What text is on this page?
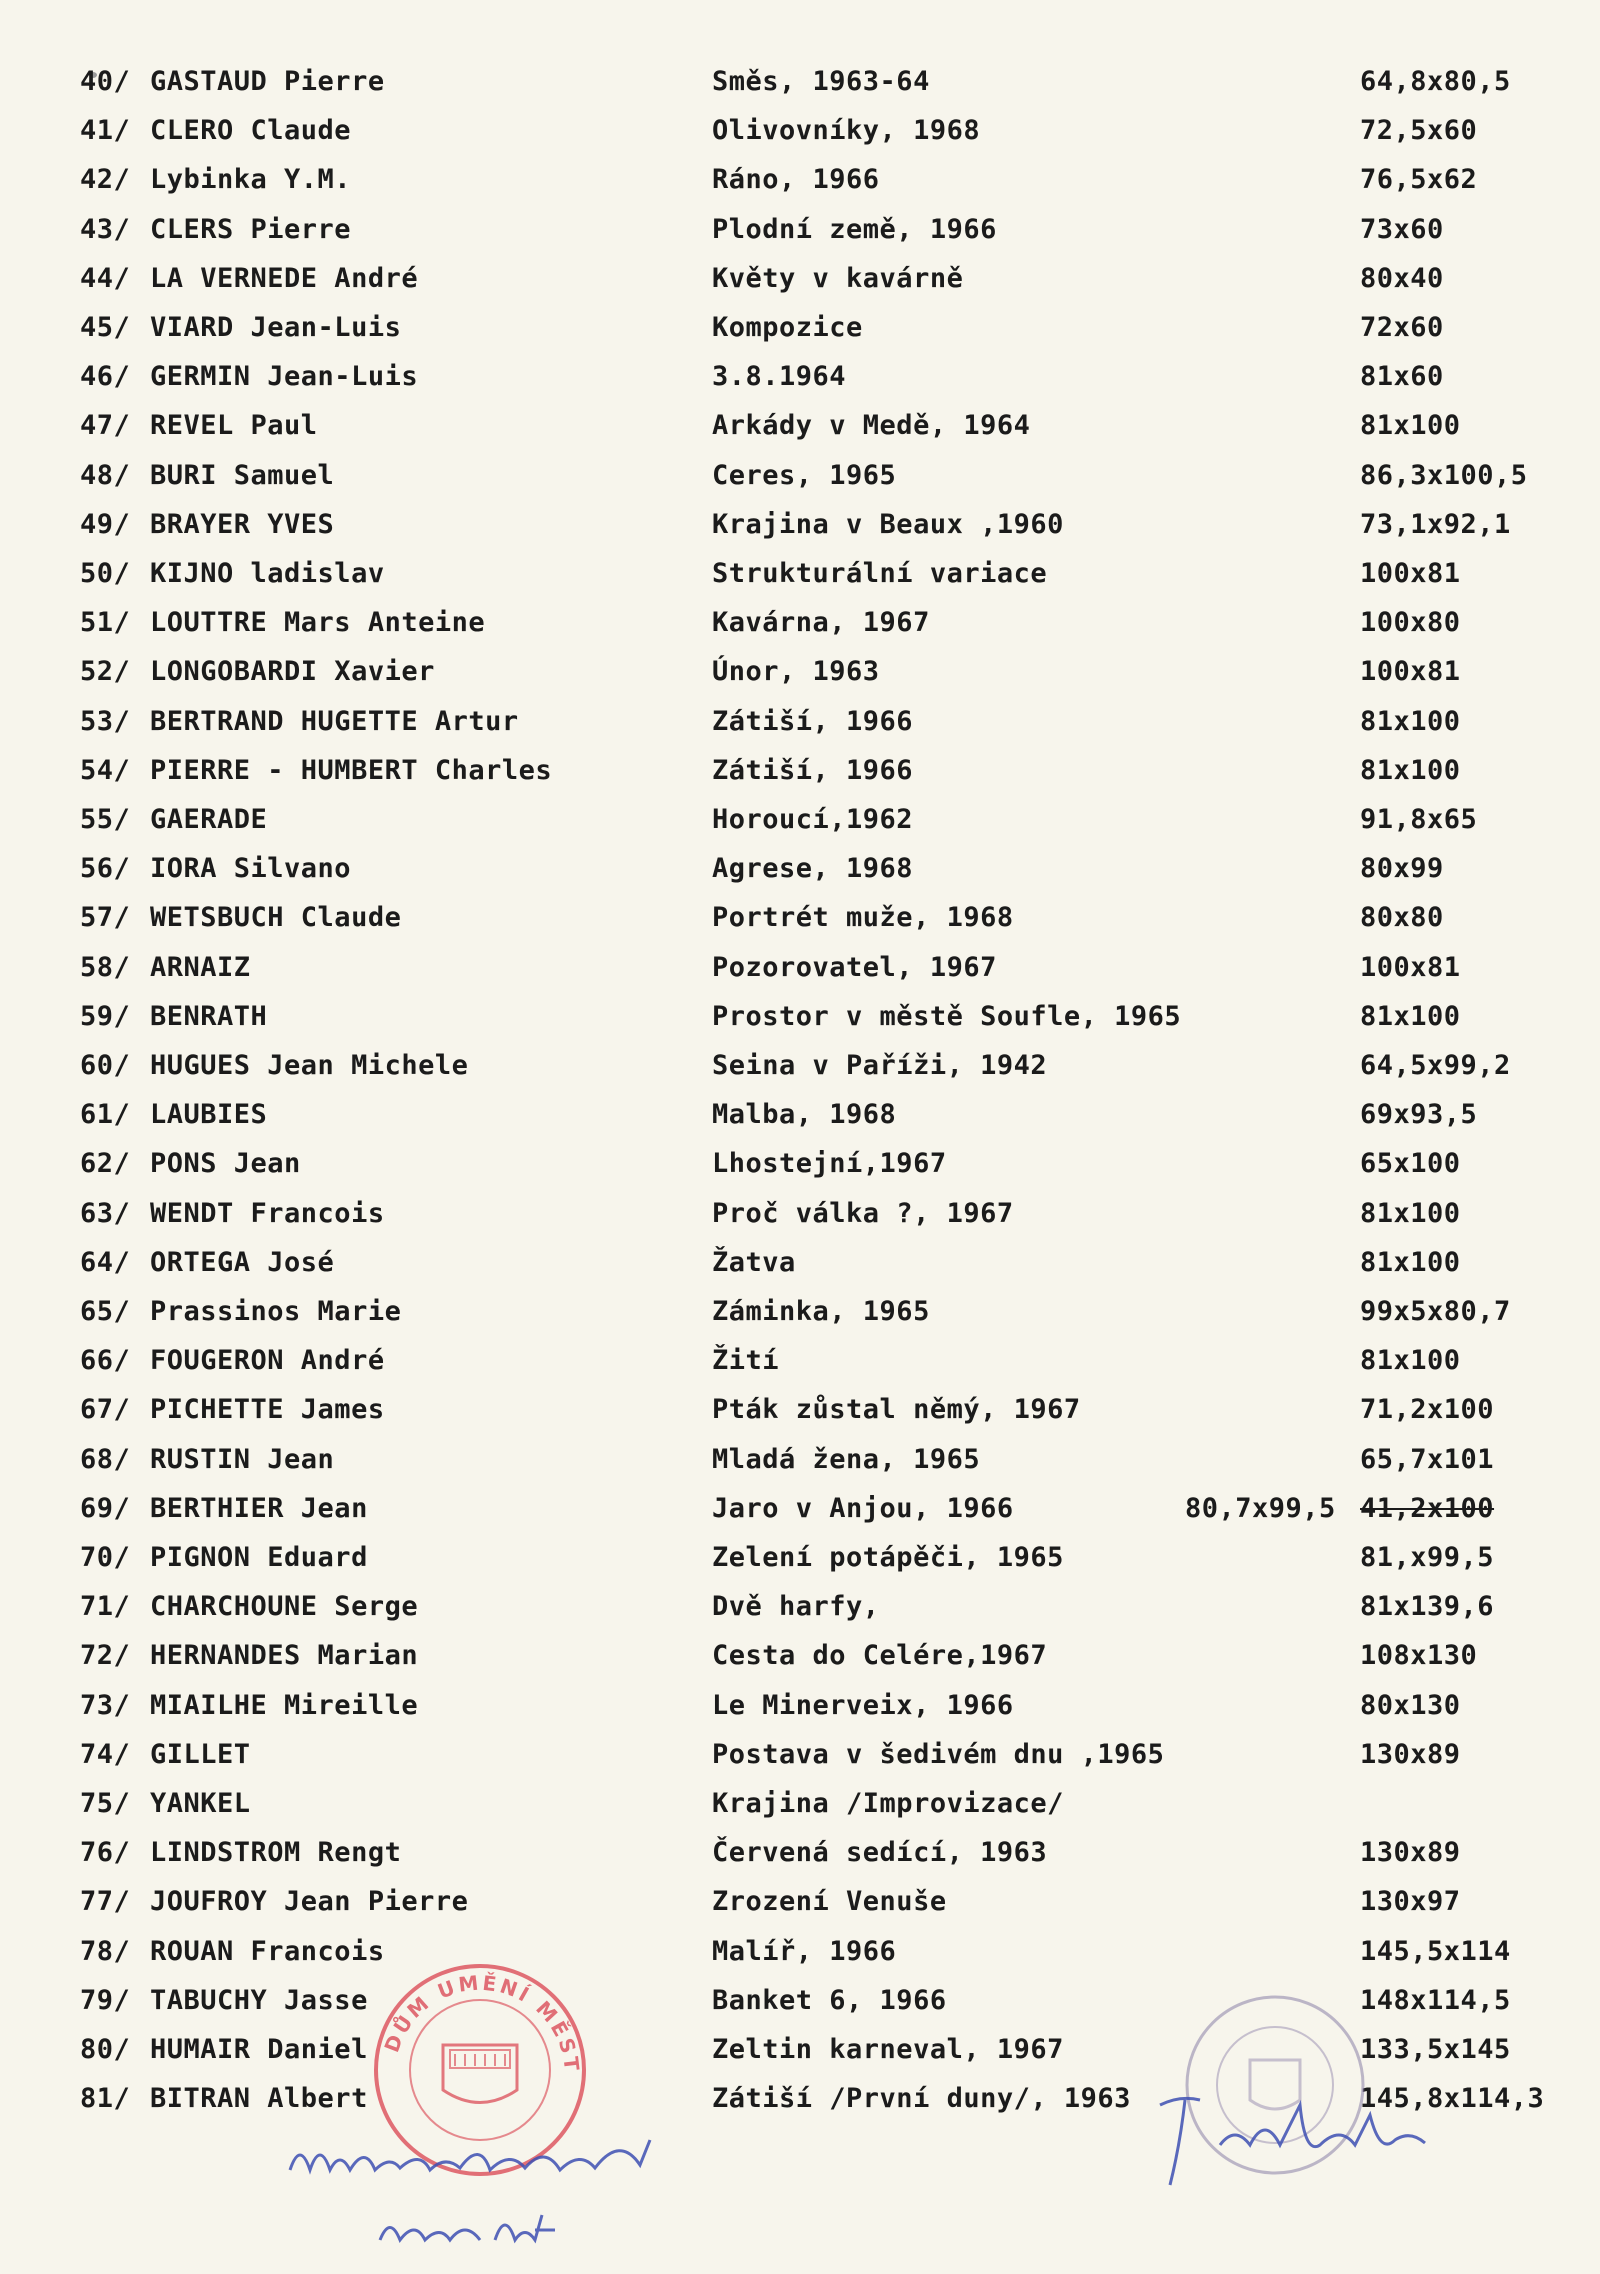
40/ GASTAUD Pierre	Směs, 1963-64	64,8x80,5
41/ CLERO Claude	Olivovníky, 1968	72,5x60
42/ Lybinka Y.M.	Ráno, 1966	76,5x62
43/ CLERS Pierre	Plodní země, 1966	73x60
44/ LA VERNEDE André	Květy v kavárně	80x40
45/ VIARD Jean-Luis	Kompozice	72x60
46/ GERMIN Jean-Luis	3.8.1964	81x60
47/ REVEL Paul	Arkády v Medě, 1964	81x100
48/ BURI Samuel	Ceres, 1965	86,3x100,5
49/ BRAYER YVES	Krajina v Beaux ,1960	73,1x92,1
50/ KIJNO ladislav	Strukturální variace	100x81
51/ LOUTTRE Mars Anteine	Kavárna, 1967	100x80
52/ LONGOBARDI Xavier	Únor, 1963	100x81
53/ BERTRAND HUGETTE Artur	Zátiší, 1966	81x100
54/ PIERRE - HUMBERT Charles	Zátiší, 1966	81x100
55/ GAERADE	Horoucí,1962	91,8x65
56/ IORA Silvano	Agrese, 1968	80x99
57/ WETSBUCH Claude	Portrét muže, 1968	80x80
58/ ARNAIZ	Pozorovatel, 1967	100x81
59/ BENRATH	Prostor v městě Soufle, 1965	81x100
60/ HUGUES Jean Michele	Seina v Paříži, 1942	64,5x99,2
61/ LAUBIES	Malba, 1968	69x93,5
62/ PONS Jean	Lhostejní,1967	65x100
63/ WENDT Francois	Proč válka ?, 1967	81x100
64/ ORTEGA José	Žatva	81x100
65/ Prassinos Marie	Záminka, 1965	99x5x80,7
66/ FOUGERON André	Žití	81x100
67/ PICHETTE James	Pták zůstal němý, 1967	71,2x100
68/ RUSTIN Jean	Mladá žena, 1965	65,7x101
69/ BERTHIER Jean	Jaro v Anjou, 1966	80,7x99,5 41,2x100
70/ PIGNON Eduard	Zelení potápěči, 1965	81,x99,5
71/ CHARCHOUNE Serge	Dvě harfy,	81x139,6
72/ HERNANDES Marian	Cesta do Celére,1967	108x130
73/ MIAILHE Mireille	Le Minerveix, 1966	80x130
74/ GILLET	Postava v šedivém dnu ,1965	130x89
75/ YANKEL	Krajina /Improvizace/
76/ LINDSTROM Rengt	Červená sedící, 1963	130x89
77/ JOUFROY Jean Pierre	Zrození Venuše	130x97
78/ ROUAN Francois	Malíř, 1966	145,5x114
79/ TABUCHY Jasse	Banket 6, 1966	148x114,5
80/ HUMAIR Daniel	Zeltin karneval, 1967	133,5x145
81/ BITRAN Albert	Zátiší /První duny/, 1963	145,8x114,3
DŮM UMĚNÍ MĚST
